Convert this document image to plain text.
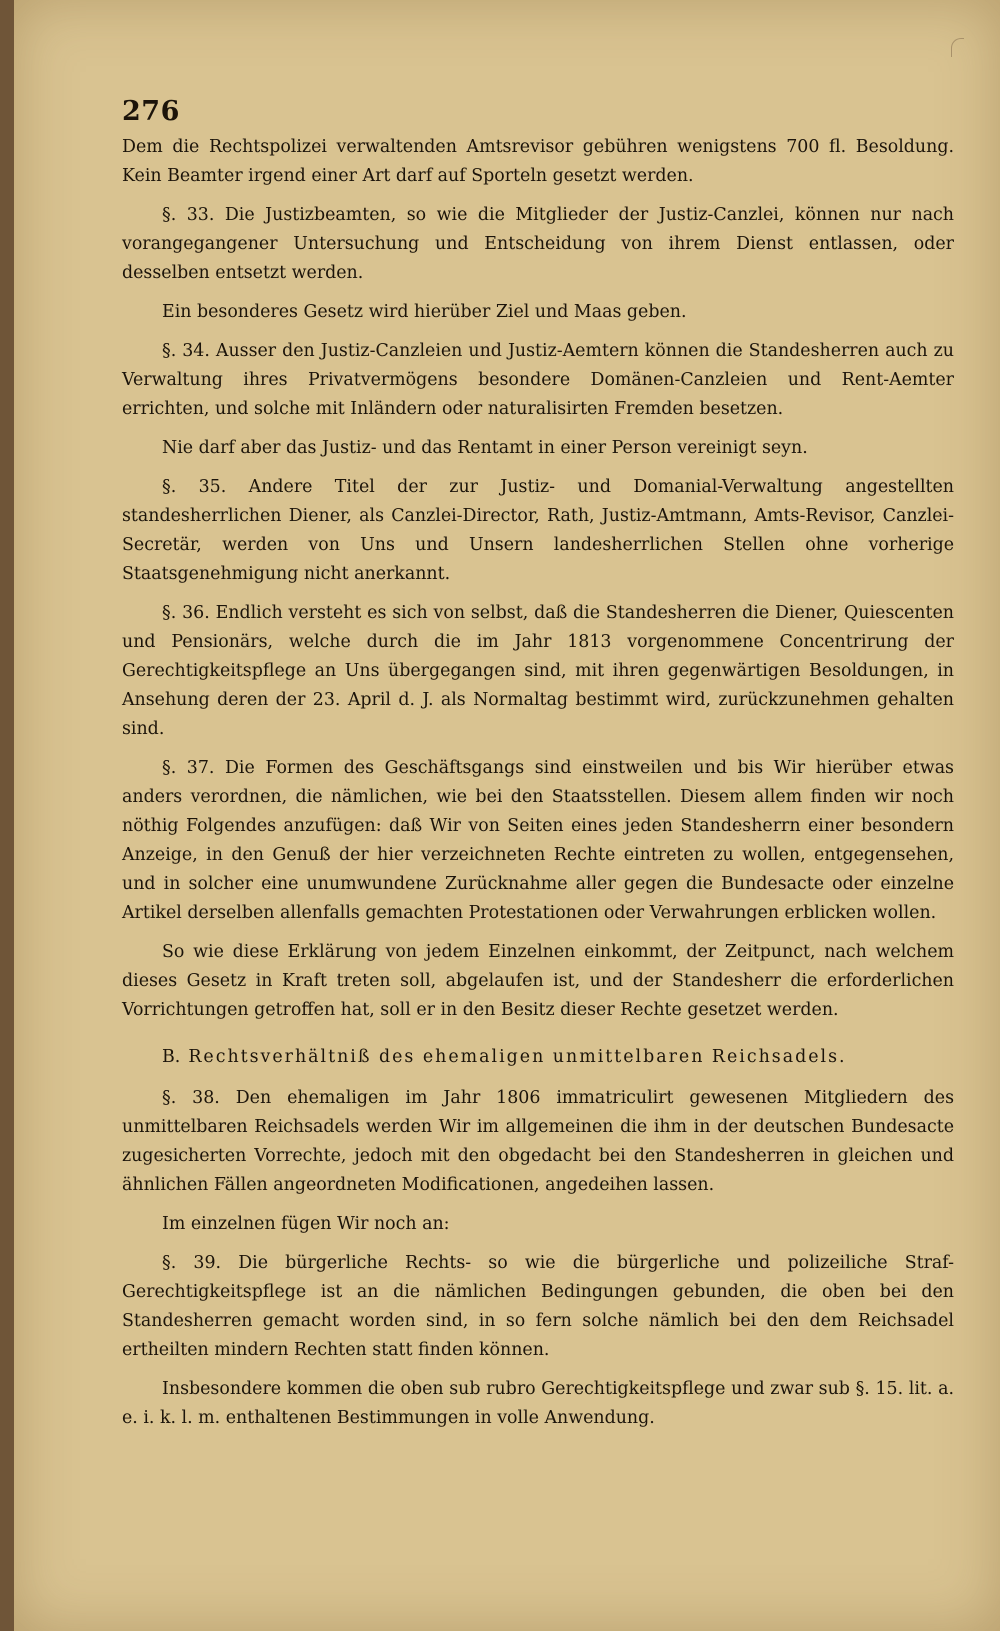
276

Dem die Rechtspolizei verwaltenden Amtsrevisor gebühren wenigstens 700 fl. Besoldung. Kein Beamter irgend einer Art darf auf Sporteln gesetzt werden.

§. 33. Die Justizbeamten, so wie die Mitglieder der Justiz-Canzlei, können nur nach vorangegangener Untersuchung und Entscheidung von ihrem Dienst entlassen, oder desselben entsetzt werden.

Ein besonderes Gesetz wird hierüber Ziel und Maas geben.

§. 34. Ausser den Justiz-Canzleien und Justiz-Aemtern können die Standesherren auch zu Verwaltung ihres Privatvermögens besondere Domänen-Canzleien und Rent-Aemter errichten, und solche mit Inländern oder naturalisirten Fremden besetzen.

Nie darf aber das Justiz- und das Rentamt in einer Person vereinigt seyn.

§. 35. Andere Titel der zur Justiz- und Domanial-Verwaltung angestellten standesherrlichen Diener, als Canzlei-Director, Rath, Justiz-Amtmann, Amts-Revisor, Canzlei-Secretär, werden von Uns und Unsern landesherrlichen Stellen ohne vorherige Staatsgenehmigung nicht anerkannt.

§. 36. Endlich versteht es sich von selbst, daß die Standesherren die Diener, Quiescenten und Pensionärs, welche durch die im Jahr 1813 vorgenommene Concentrirung der Gerechtigkeitspflege an Uns übergegangen sind, mit ihren gegenwärtigen Besoldungen, in Ansehung deren der 23. April d. J. als Normaltag bestimmt wird, zurückzunehmen gehalten sind.

§. 37. Die Formen des Geschäftsgangs sind einstweilen und bis Wir hierüber etwas anders verordnen, die nämlichen, wie bei den Staatsstellen. Diesem allem finden wir noch nöthig Folgendes anzufügen: daß Wir von Seiten eines jeden Standesherrn einer besondern Anzeige, in den Genuß der hier verzeichneten Rechte eintreten zu wollen, entgegensehen, und in solcher eine unumwundene Zurücknahme aller gegen die Bundesacte oder einzelne Artikel derselben allenfalls gemachten Protestationen oder Verwahrungen erblicken wollen.

So wie diese Erklärung von jedem Einzelnen einkommt, der Zeitpunct, nach welchem dieses Gesetz in Kraft treten soll, abgelaufen ist, und der Standesherr die erforderlichen Vorrichtungen getroffen hat, soll er in den Besitz dieser Rechte gesetzet werden.

B. Rechtsverhältniß des ehemaligen unmittelbaren Reichsadels.

§. 38. Den ehemaligen im Jahr 1806 immatriculirt gewesenen Mitgliedern des unmittelbaren Reichsadels werden Wir im allgemeinen die ihm in der deutschen Bundesacte zugesicherten Vorrechte, jedoch mit den obgedacht bei den Standesherren in gleichen und ähnlichen Fällen angeordneten Modificationen, angedeihen lassen.

Im einzelnen fügen Wir noch an:

§. 39. Die bürgerliche Rechts- so wie die bürgerliche und polizeiliche Straf-Gerechtigkeitspflege ist an die nämlichen Bedingungen gebunden, die oben bei den Standesherren gemacht worden sind, in so fern solche nämlich bei den dem Reichsadel ertheilten mindern Rechten statt finden können.

Insbesondere kommen die oben sub rubro Gerechtigkeitspflege und zwar sub §. 15. lit. a. e. i. k. l. m. enthaltenen Bestimmungen in volle Anwendung.
